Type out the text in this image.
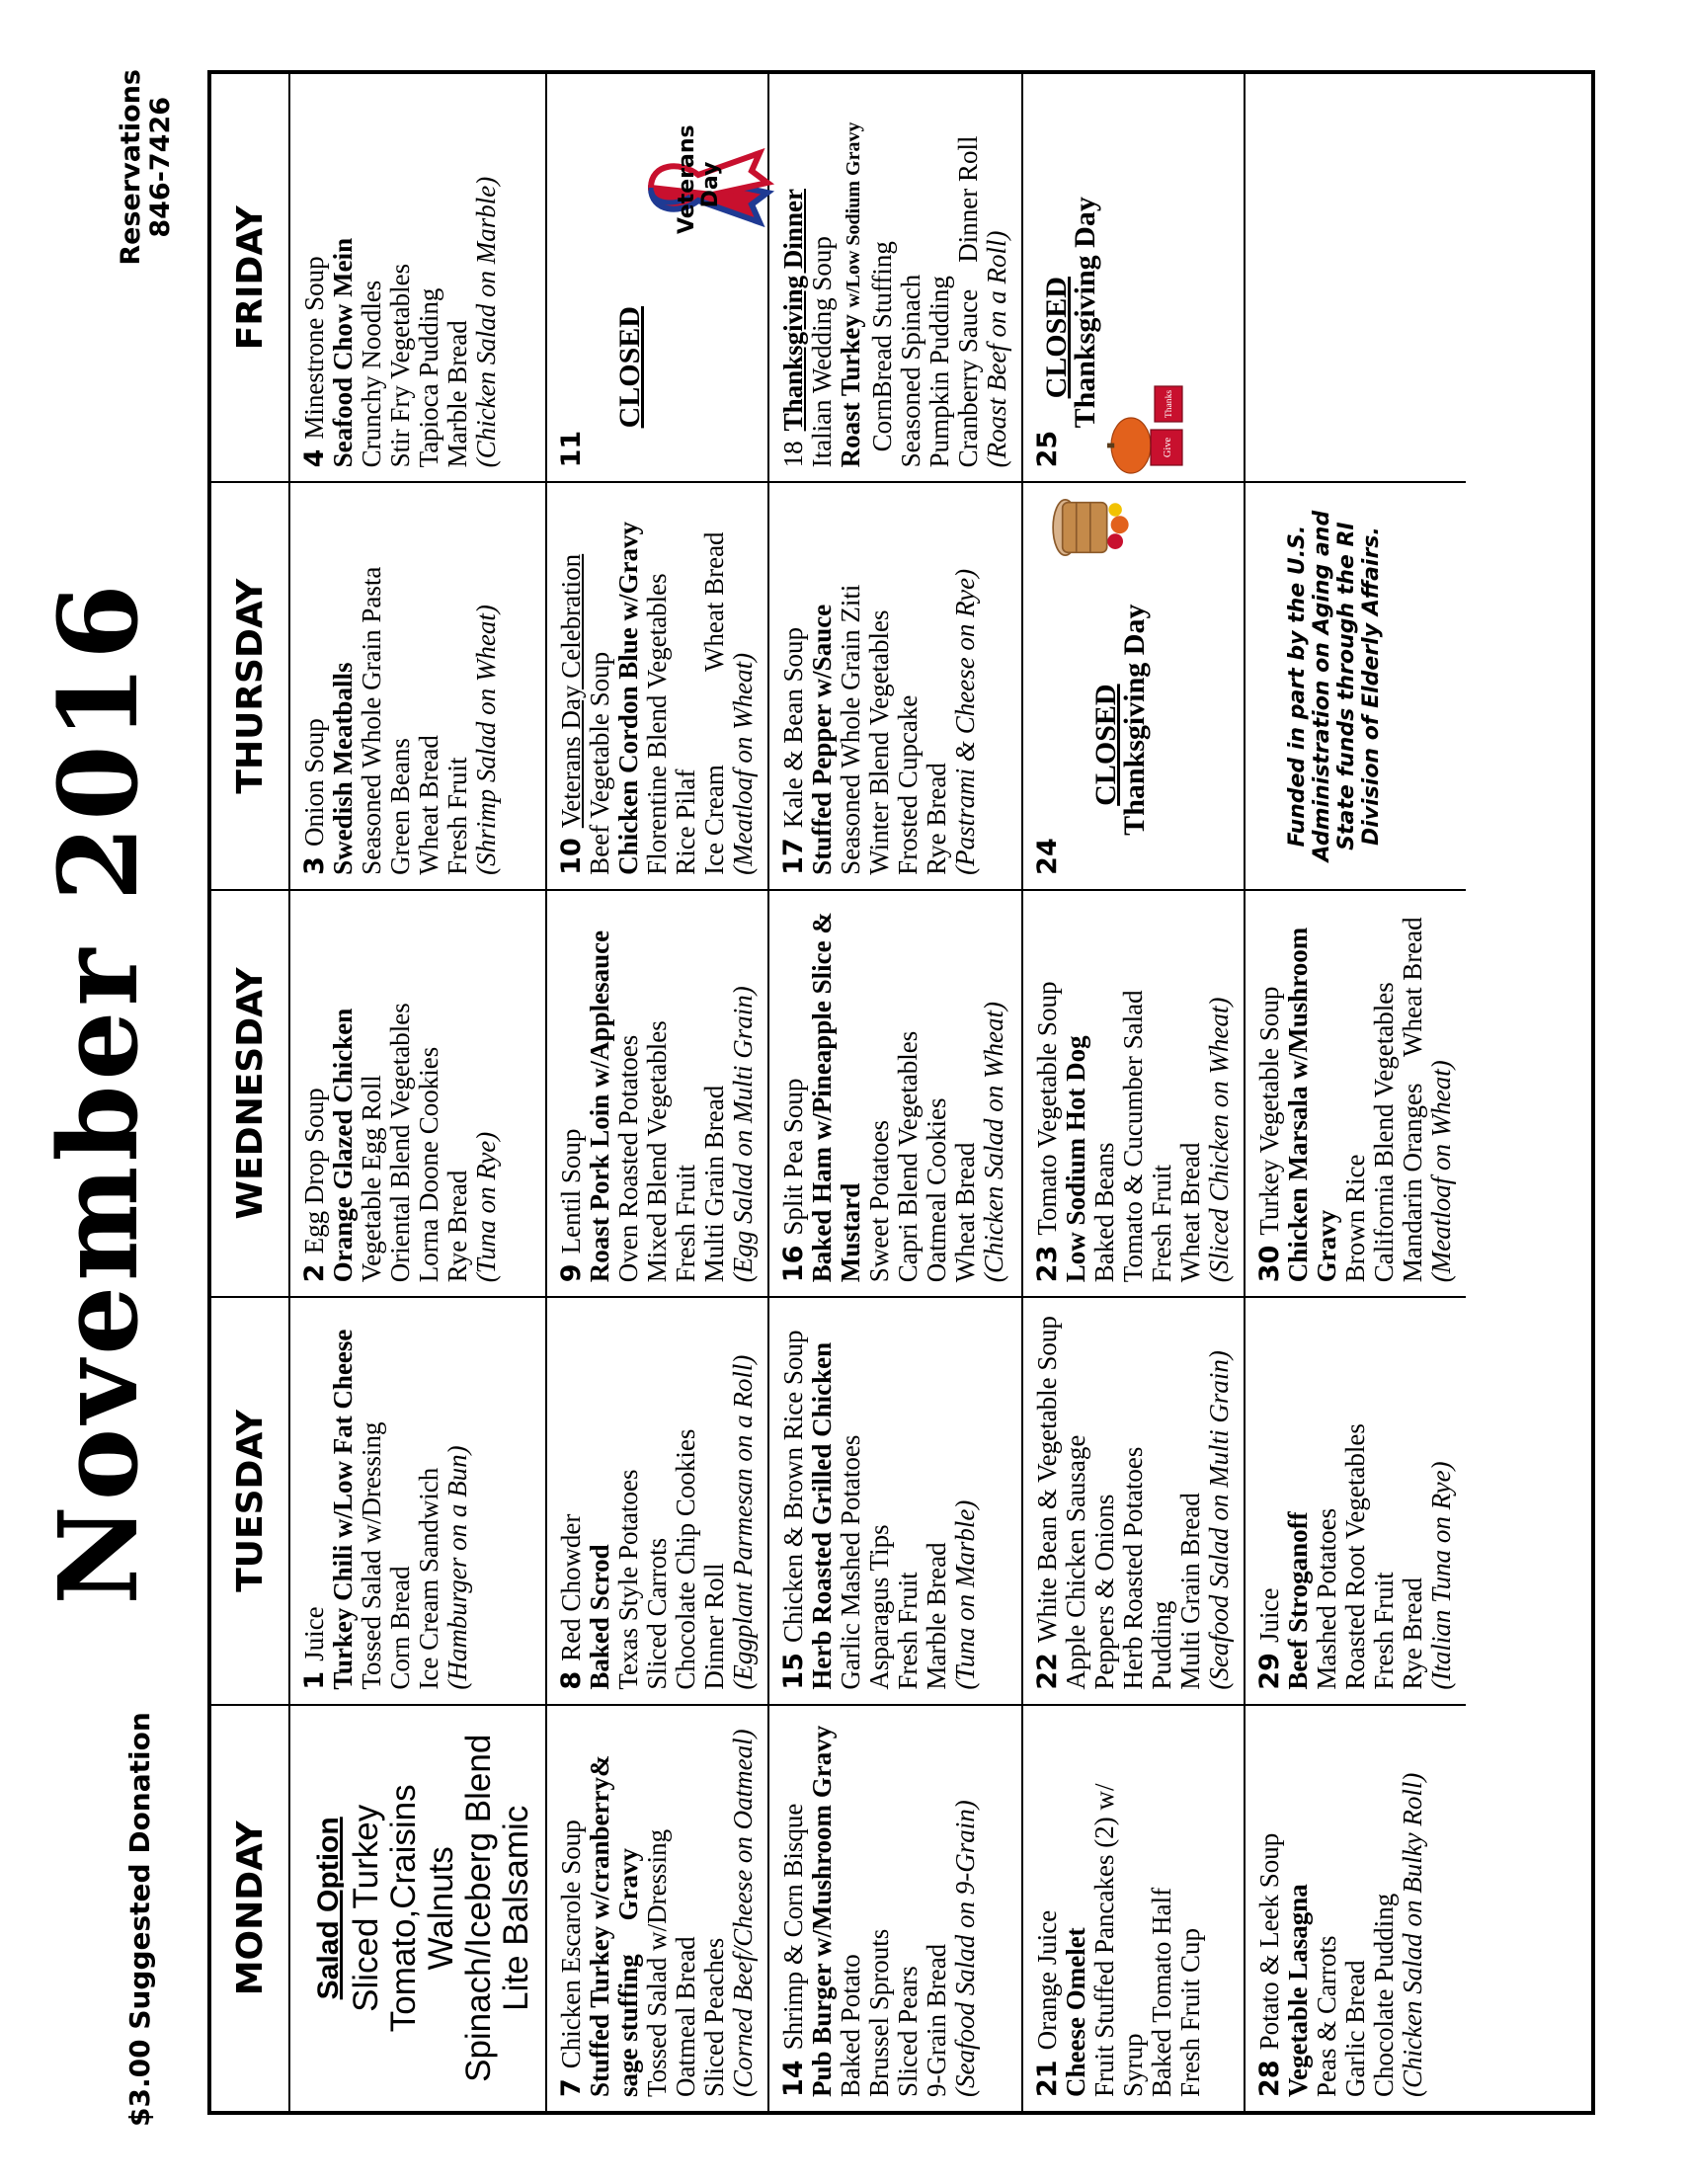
November 2016
$3.00 Suggested Donation
Reservations 846-7426
MONDAY
TUESDAY
WEDNESDAY
THURSDAY
FRIDAY
Salad Option Sliced Turkey Tomato,Craisins Walnuts Spinach/Iceberg Blend Lite Balsamic
1Juice Turkey Chili w/Low Fat Cheese Tossed Salad w/Dressing Corn Bread Ice Cream Sandwich (Hamburger on a Bun)
2Egg Drop Soup Orange Glazed Chicken Vegetable Egg Roll Oriental Blend Vegetables Lorna Doone Cookies Rye Bread (Tuna on Rye)
3Onion Soup Swedish Meatballs Seasoned Whole Grain Pasta Green Beans Wheat Bread Fresh Fruit (Shrimp Salad on Wheat)
4Minestrone Soup Seafood Chow Mein Crunchy Noodles Stir Fry Vegetables Tapioca Pudding Marble Bread (Chicken Salad on Marble)
7Chicken Escarole Soup Stuffed Turkey w/cranberry& sage stuffing     Gravy Tossed Salad w/Dressing Oatmeal Bread Sliced Peaches (Corned Beef/Cheese on Oatmeal)
8Red Chowder Baked Scrod Texas Style Potatoes Sliced Carrots Chocolate Chip Cookies Dinner Roll (Eggplant Parmesan on a Roll)
9Lentil Soup Roast Pork Loin w/Applesauce Oven Roasted Potatoes Mixed Blend Vegetables Fresh Fruit Multi Grain Bread (Egg Salad on Multi Grain)
10Veterans Day Celebration Beef Vegetable Soup Chicken Cordon Blue w/Gravy Florentine Blend Vegetables Rice Pilaf Ice Cream              Wheat Bread (Meatloaf on Wheat)
11
CLOSED
Veterans Day
14Shrimp & Corn Bisque Pub Burger w/Mushroom Gravy Baked Potato Brussel Sprouts Sliced Pears 9-Grain Bread (Seafood Salad on 9-Grain)
15Chicken & Brown Rice Soup Herb Roasted Grilled Chicken Garlic Mashed Potatoes Asparagus Tips Fresh Fruit Marble Bread (Tuna on Marble)
16Split Pea Soup Baked Ham w/Pineapple Slice & Mustard Sweet Potatoes Capri Blend Vegetables Oatmeal Cookies Wheat Bread (Chicken Salad on Wheat)
17Kale & Bean Soup Stuffed Pepper w/Sauce Seasoned Whole Grain Ziti Winter Blend Vegetables Frosted Cupcake Rye Bread (Pastrami & Cheese on Rye)
18Thanksgiving Dinner Italian Wedding Soup Roast Turkey w/Low Sodium Gravy
CornBread Stuffing Seasoned Spinach Pumpkin Pudding Cranberry Sauce    Dinner Roll (Roast Beef on a Roll)
21Orange Juice Cheese Omelet Fruit Stuffed Pancakes (2) w/ Syrup Baked Tomato Half Fresh Fruit Cup
22White Bean & Vegetable Soup Apple Chicken Sausage Peppers & Onions Herb Roasted Potatoes Pudding Multi Grain Bread (Seafood Salad on Multi Grain)
23Tomato Vegetable Soup Low Sodium Hot Dog Baked Beans Tomato & Cucumber Salad Fresh Fruit Wheat Bread (Sliced Chicken on Wheat)
24
CLOSED
Thanksgiving Day
25
CLOSED
Thanksgiving Day
Give
Thanks
28Potato & Leek Soup Vegetable Lasagna Peas & Carrots Garlic Bread Chocolate Pudding (Chicken Salad on Bulky Roll)
29Juice Beef Stroganoff Mashed Potatoes Roasted Root Vegetables Fresh Fruit Rye Bread (Italian Tuna on Rye)
30Turkey Vegetable Soup Chicken Marsala w/Mushroom Gravy Brown Rice California Blend Vegetables Mandarin Oranges    Wheat Bread (Meatloaf on Wheat)
Funded in part by the U.S. Administration on Aging and State funds through the RI Division of Elderly Affairs.
